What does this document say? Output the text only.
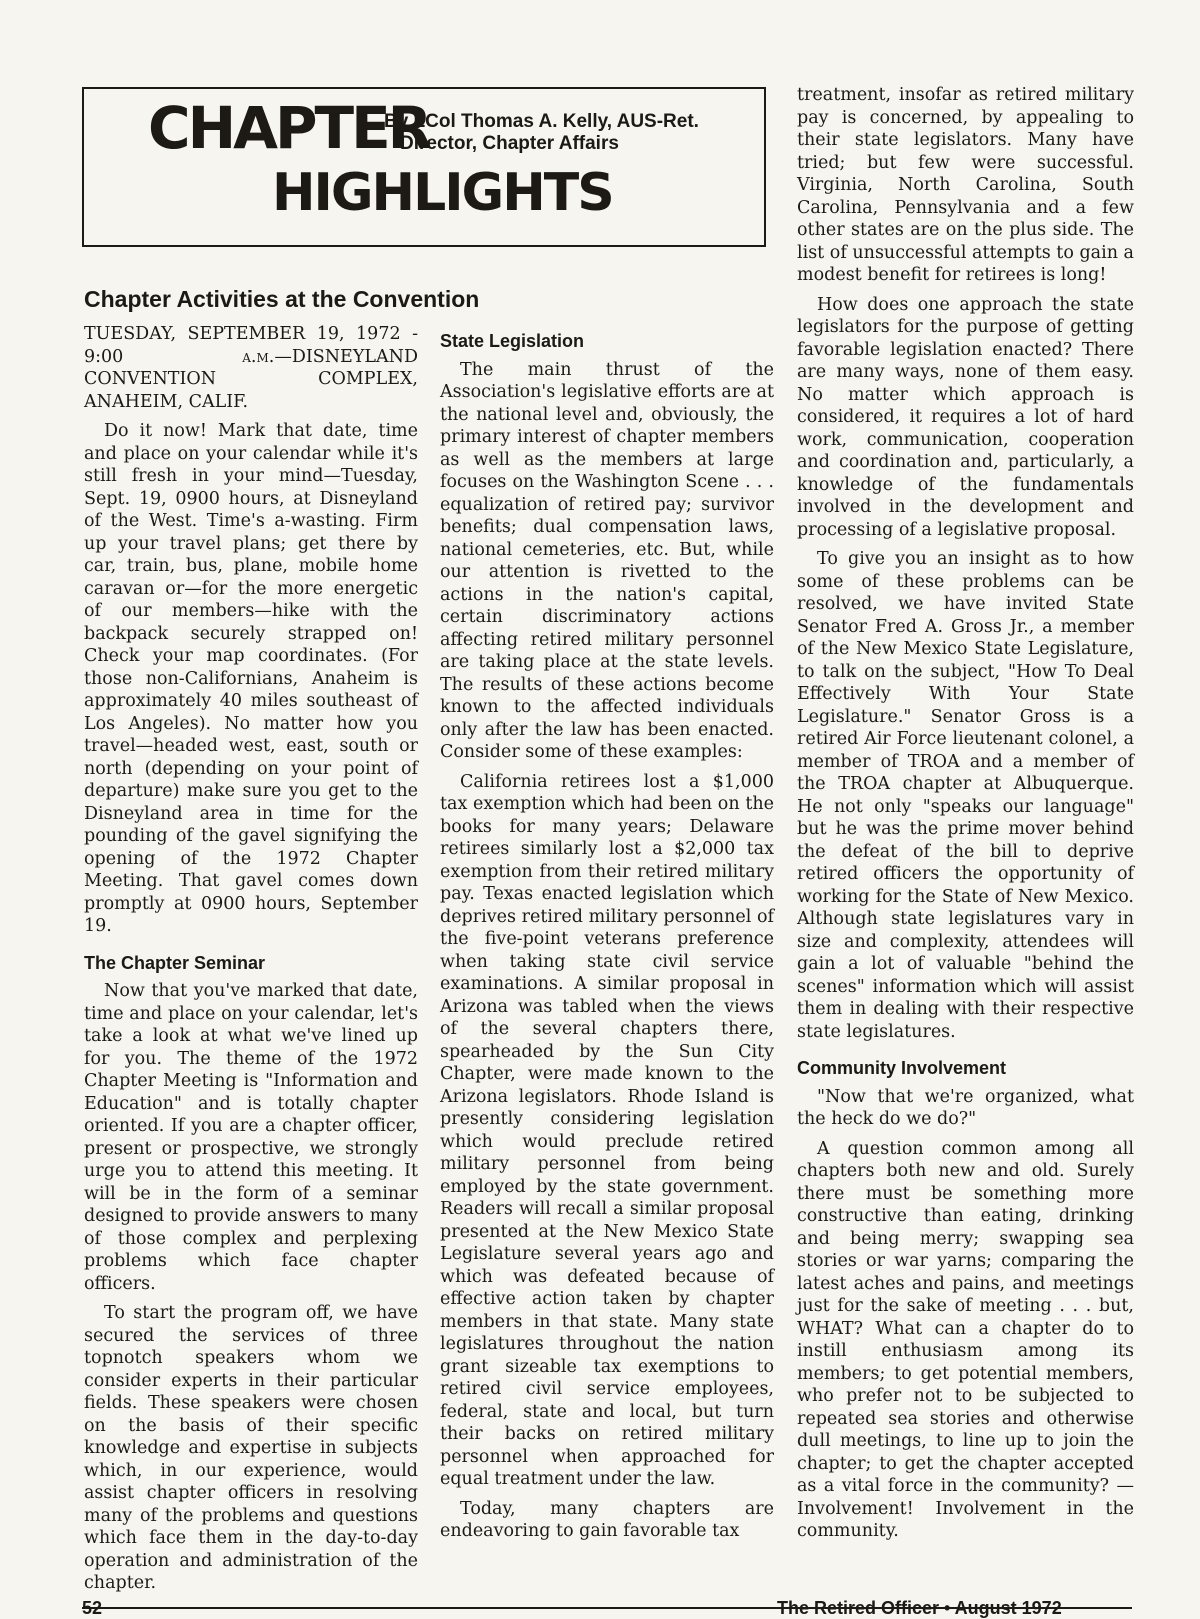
CHAPTER
By LCol Thomas A. Kelly, AUS-Ret.
Director, Chapter Affairs
HIGHLIGHTS
Chapter Activities at the Convention

TUESDAY, SEPTEMBER 19, 1972 - 9:00 a.m.—DISNEYLAND CONVENTION COMPLEX, ANAHEIM, CALIF.

Do it now! Mark that date, time and place on your calendar while it's still fresh in your mind—Tuesday, Sept. 19, 0900 hours, at Disneyland of the West. Time's a-wasting. Firm up your travel plans; get there by car, train, bus, plane, mobile home caravan or—for the more energetic of our members—hike with the backpack securely strapped on! Check your map coordinates. (For those non-Californians, Anaheim is approximately 40 miles southeast of Los Angeles). No matter how you travel—headed west, east, south or north (depending on your point of departure) make sure you get to the Disneyland area in time for the pounding of the gavel signifying the opening of the 1972 Chapter Meeting. That gavel comes down promptly at 0900 hours, September 19.

The Chapter Seminar

Now that you've marked that date, time and place on your calendar, let's take a look at what we've lined up for you. The theme of the 1972 Chapter Meeting is "Information and Education" and is totally chapter oriented. If you are a chapter officer, present or prospective, we strongly urge you to attend this meeting. It will be in the form of a seminar designed to provide answers to many of those complex and perplexing problems which face chapter officers.

To start the program off, we have secured the services of three topnotch speakers whom we consider experts in their particular fields. These speakers were chosen on the basis of their specific knowledge and expertise in subjects which, in our experience, would assist chapter officers in resolving many of the problems and questions which face them in the day-to-day operation and administration of the chapter.

State Legislation

The main thrust of the Association's legislative efforts are at the national level and, obviously, the primary interest of chapter members as well as the members at large focuses on the Washington Scene . . . equalization of retired pay; survivor benefits; dual compensation laws, national cemeteries, etc. But, while our attention is rivetted to the actions in the nation's capital, certain discriminatory actions affecting retired military personnel are taking place at the state levels. The results of these actions become known to the affected individuals only after the law has been enacted. Consider some of these examples:

California retirees lost a $1,000 tax exemption which had been on the books for many years; Delaware retirees similarly lost a $2,000 tax exemption from their retired military pay. Texas enacted legislation which deprives retired military personnel of the five-point veterans preference when taking state civil service examinations. A similar proposal in Arizona was tabled when the views of the several chapters there, spearheaded by the Sun City Chapter, were made known to the Arizona legislators. Rhode Island is presently considering legislation which would preclude retired military personnel from being employed by the state government. Readers will recall a similar proposal presented at the New Mexico State Legislature several years ago and which was defeated because of effective action taken by chapter members in that state. Many state legislatures throughout the nation grant sizeable tax exemptions to retired civil service employees, federal, state and local, but turn their backs on retired military personnel when approached for equal treatment under the law.

Today, many chapters are endeavoring to gain favorable tax

treatment, insofar as retired military pay is concerned, by appealing to their state legislators. Many have tried; but few were successful. Virginia, North Carolina, South Carolina, Pennsylvania and a few other states are on the plus side. The list of unsuccessful attempts to gain a modest benefit for retirees is long!

How does one approach the state legislators for the purpose of getting favorable legislation enacted? There are many ways, none of them easy. No matter which approach is considered, it requires a lot of hard work, communication, cooperation and coordination and, particularly, a knowledge of the fundamentals involved in the development and processing of a legislative proposal.

To give you an insight as to how some of these problems can be resolved, we have invited State Senator Fred A. Gross Jr., a member of the New Mexico State Legislature, to talk on the subject, "How To Deal Effectively With Your State Legislature." Senator Gross is a retired Air Force lieutenant colonel, a member of TROA and a member of the TROA chapter at Albuquerque. He not only "speaks our language" but he was the prime mover behind the defeat of the bill to deprive retired officers the opportunity of working for the State of New Mexico. Although state legislatures vary in size and complexity, attendees will gain a lot of valuable "behind the scenes" information which will assist them in dealing with their respective state legislatures.

Community Involvement

"Now that we're organized, what the heck do we do?"

A question common among all chapters both new and old. Surely there must be something more constructive than eating, drinking and being merry; swapping sea stories or war yarns; comparing the latest aches and pains, and meetings just for the sake of meeting . . . but, WHAT? What can a chapter do to instill enthusiasm among its members; to get potential members, who prefer not to be subjected to repeated sea stories and otherwise dull meetings, to line up to join the chapter; to get the chapter accepted as a vital force in the community? —Involvement! Involvement in the community.

52	The Retired Officer • August 1972
